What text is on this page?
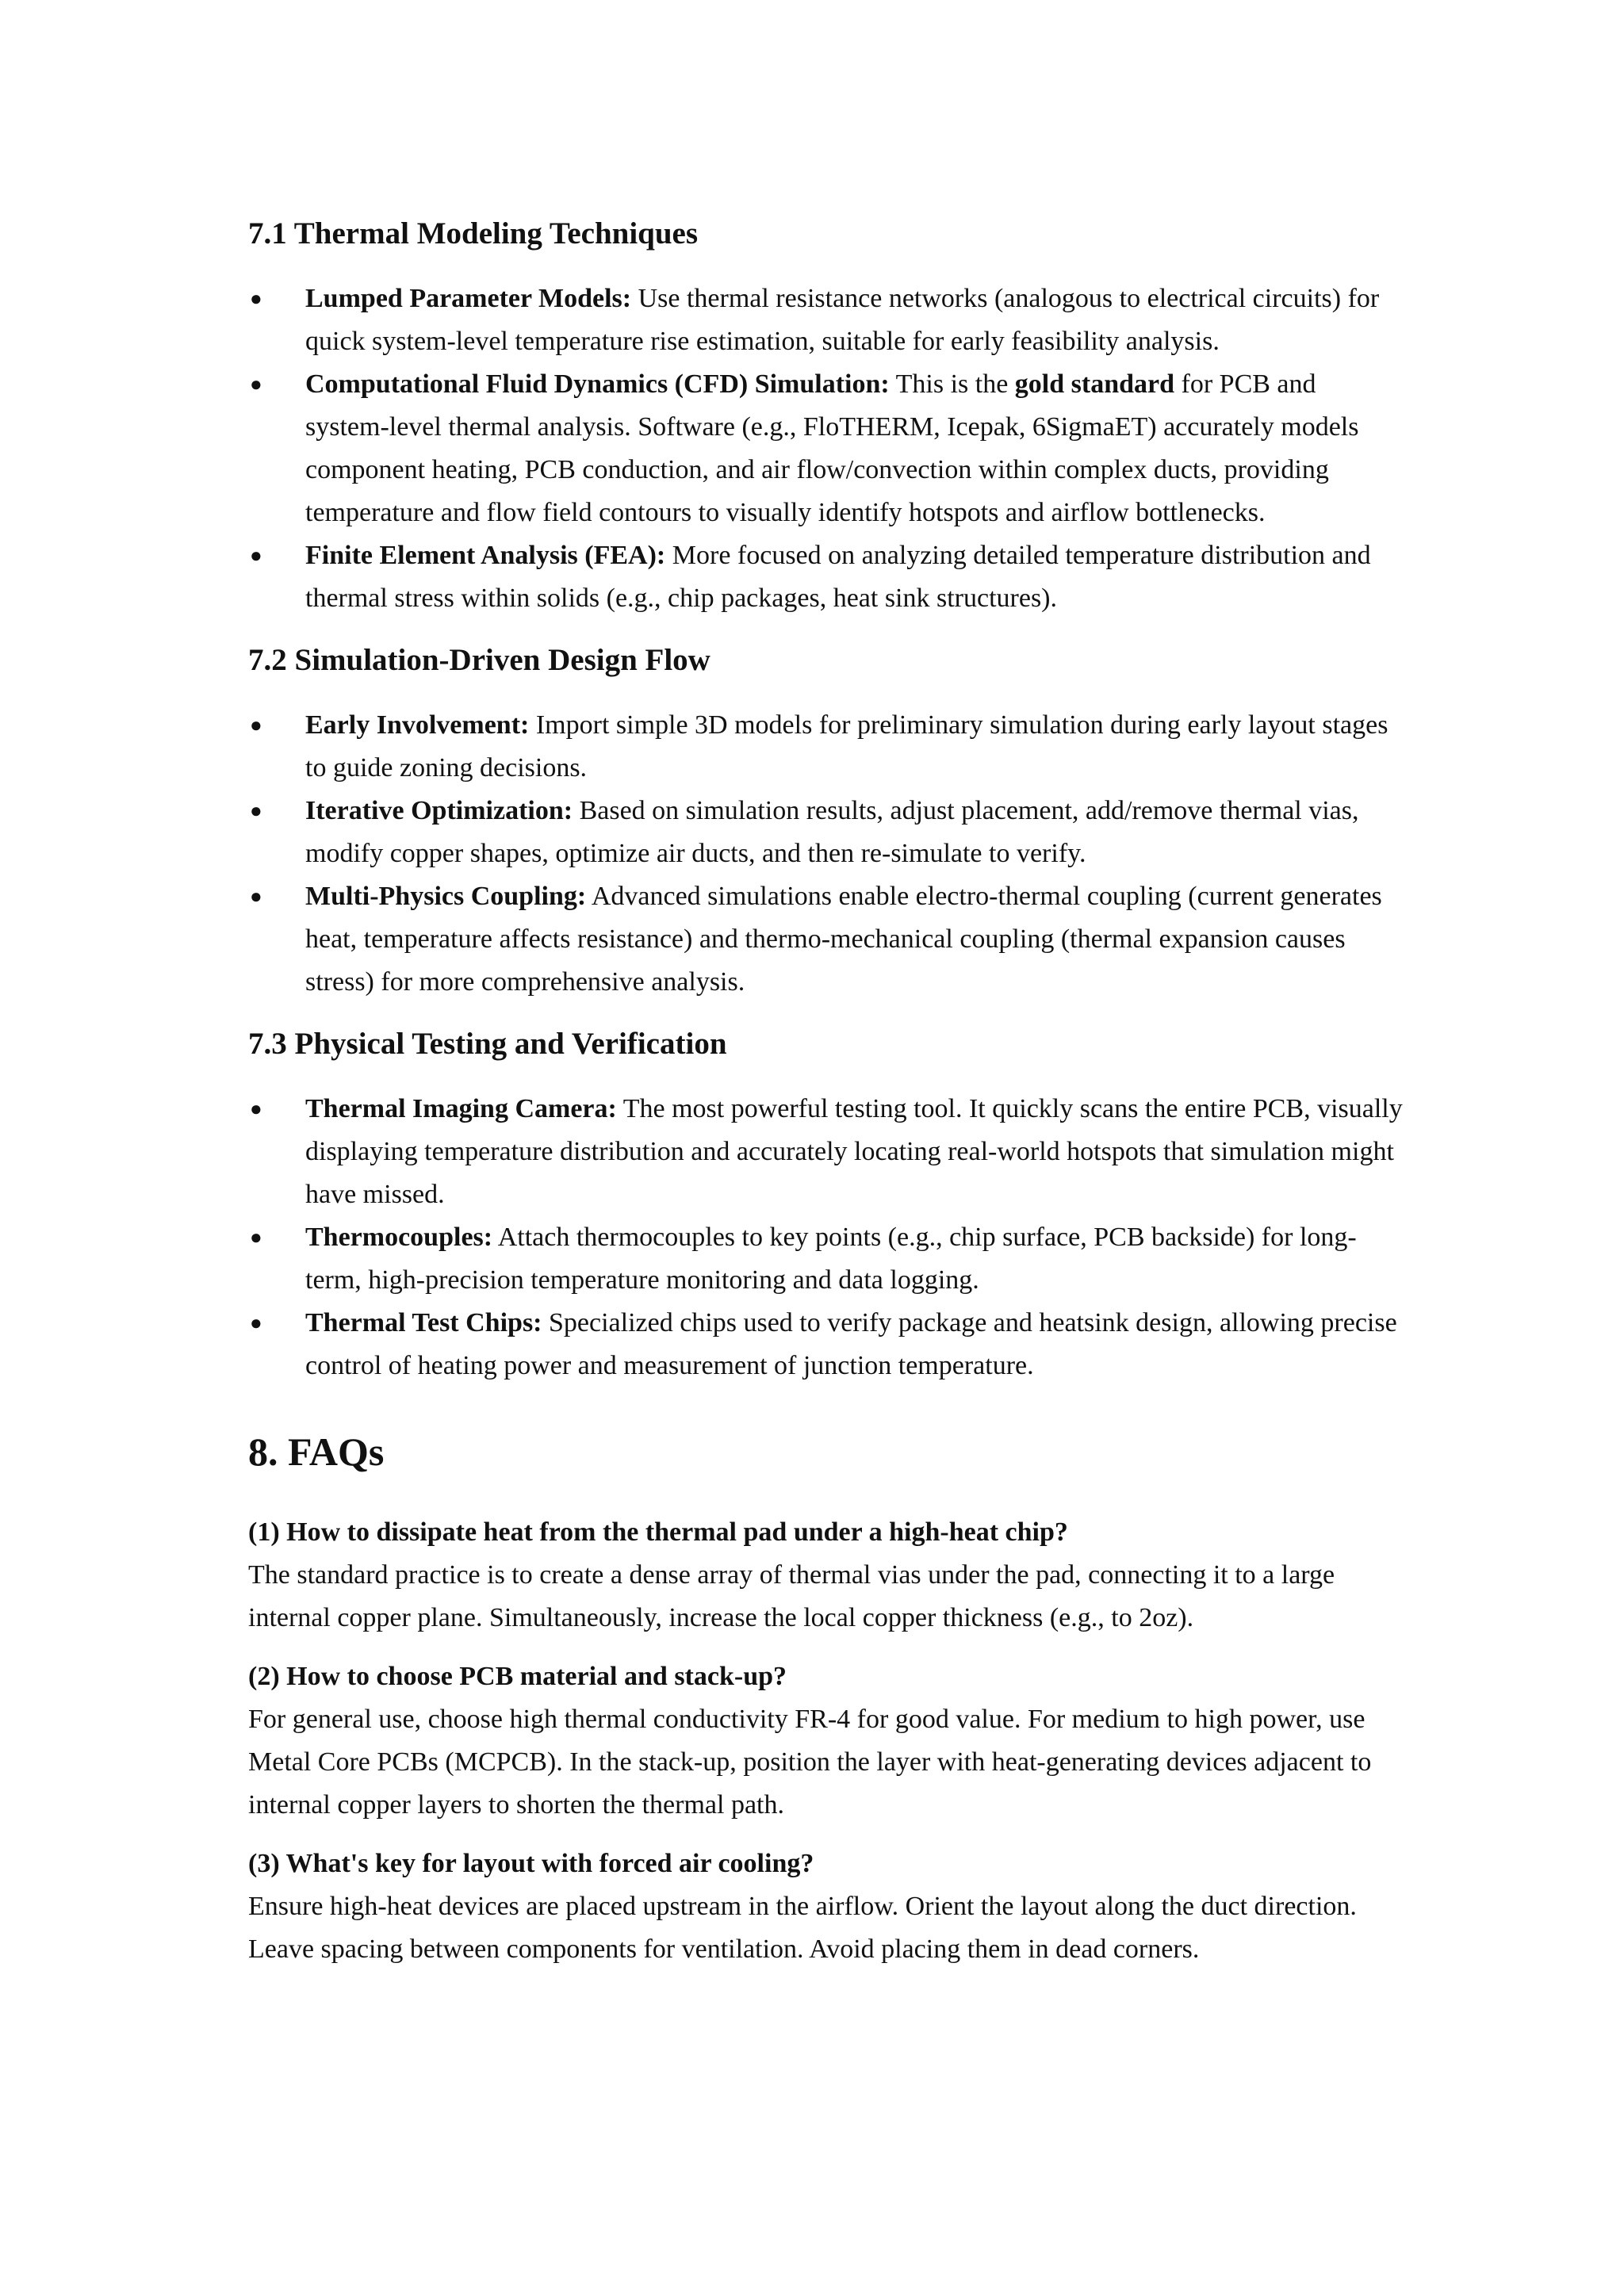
7.1 Thermal Modeling Techniques
● Lumped Parameter Models: Use thermal resistance networks (analogous to electrical circuits) for quick system-level temperature rise estimation, suitable for early feasibility analysis.
● Computational Fluid Dynamics (CFD) Simulation: This is the gold standard for PCB and system-level thermal analysis. Software (e.g., FloTHERM, Icepak, 6SigmaET) accurately models component heating, PCB conduction, and air flow/convection within complex ducts, providing temperature and flow field contours to visually identify hotspots and airflow bottlenecks.
● Finite Element Analysis (FEA): More focused on analyzing detailed temperature distribution and thermal stress within solids (e.g., chip packages, heat sink structures).
7.2 Simulation-Driven Design Flow
● Early Involvement: Import simple 3D models for preliminary simulation during early layout stages to guide zoning decisions.
● Iterative Optimization: Based on simulation results, adjust placement, add/remove thermal vias, modify copper shapes, optimize air ducts, and then re-simulate to verify.
● Multi-Physics Coupling: Advanced simulations enable electro-thermal coupling (current generates heat, temperature affects resistance) and thermo-mechanical coupling (thermal expansion causes stress) for more comprehensive analysis.
7.3 Physical Testing and Verification
● Thermal Imaging Camera: The most powerful testing tool. It quickly scans the entire PCB, visually displaying temperature distribution and accurately locating real-world hotspots that simulation might have missed.
● Thermocouples: Attach thermocouples to key points (e.g., chip surface, PCB backside) for long-term, high-precision temperature monitoring and data logging.
● Thermal Test Chips: Specialized chips used to verify package and heatsink design, allowing precise control of heating power and measurement of junction temperature.
8. FAQs
(1) How to dissipate heat from the thermal pad under a high-heat chip?
The standard practice is to create a dense array of thermal vias under the pad, connecting it to a large internal copper plane. Simultaneously, increase the local copper thickness (e.g., to 2oz).
(2) How to choose PCB material and stack-up?
For general use, choose high thermal conductivity FR-4 for good value. For medium to high power, use Metal Core PCBs (MCPCB). In the stack-up, position the layer with heat-generating devices adjacent to internal copper layers to shorten the thermal path.
(3) What's key for layout with forced air cooling?
Ensure high-heat devices are placed upstream in the airflow. Orient the layout along the duct direction. Leave spacing between components for ventilation. Avoid placing them in dead corners.
